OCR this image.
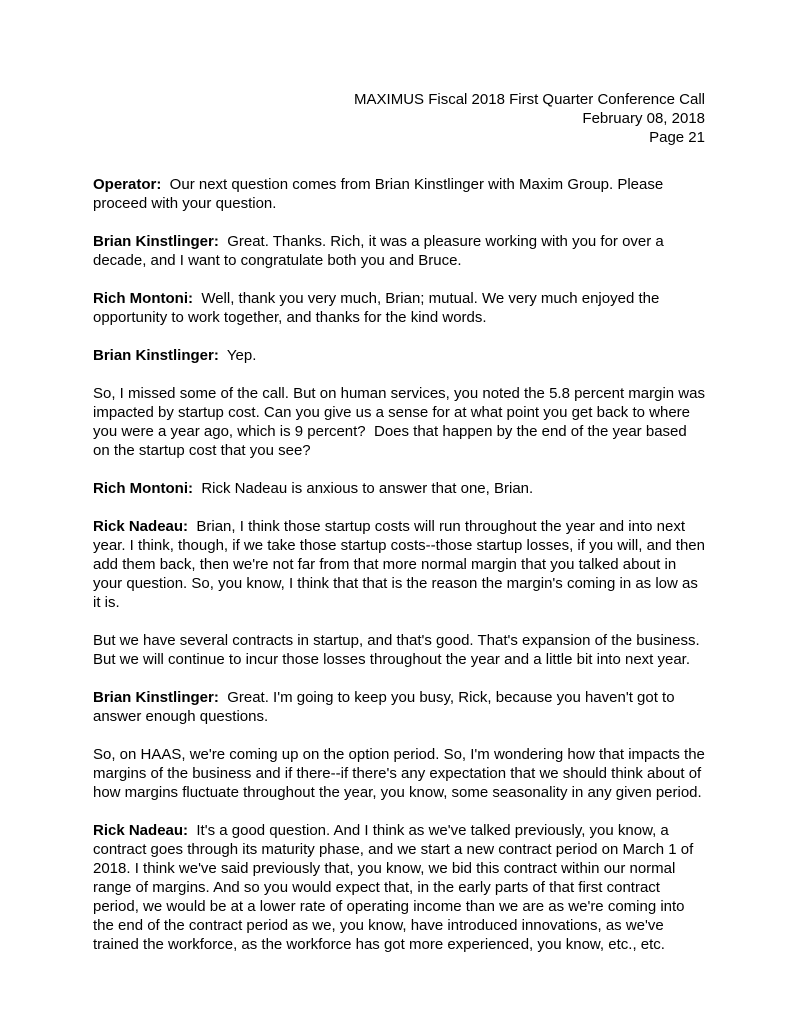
MAXIMUS Fiscal 2018 First Quarter Conference Call
February 08, 2018
Page 21

Operator:  Our next question comes from Brian Kinstlinger with Maxim Group. Please proceed with your question.

Brian Kinstlinger:  Great. Thanks. Rich, it was a pleasure working with you for over a decade, and I want to congratulate both you and Bruce.

Rich Montoni:  Well, thank you very much, Brian; mutual. We very much enjoyed the opportunity to work together, and thanks for the kind words.

Brian Kinstlinger:  Yep.

So, I missed some of the call. But on human services, you noted the 5.8 percent margin was impacted by startup cost. Can you give us a sense for at what point you get back to where you were a year ago, which is 9 percent?  Does that happen by the end of the year based on the startup cost that you see?

Rich Montoni:  Rick Nadeau is anxious to answer that one, Brian.

Rick Nadeau:  Brian, I think those startup costs will run throughout the year and into next year. I think, though, if we take those startup costs--those startup losses, if you will, and then add them back, then we're not far from that more normal margin that you talked about in your question. So, you know, I think that that is the reason the margin's coming in as low as it is.

But we have several contracts in startup, and that's good. That's expansion of the business. But we will continue to incur those losses throughout the year and a little bit into next year.

Brian Kinstlinger:  Great. I'm going to keep you busy, Rick, because you haven't got to answer enough questions.

So, on HAAS, we're coming up on the option period. So, I'm wondering how that impacts the margins of the business and if there--if there's any expectation that we should think about of how margins fluctuate throughout the year, you know, some seasonality in any given period.

Rick Nadeau:  It's a good question. And I think as we've talked previously, you know, a contract goes through its maturity phase, and we start a new contract period on March 1 of 2018. I think we've said previously that, you know, we bid this contract within our normal range of margins. And so you would expect that, in the early parts of that first contract period, we would be at a lower rate of operating income than we are as we're coming into the end of the contract period as we, you know, have introduced innovations, as we've trained the workforce, as the workforce has got more experienced, you know, etc., etc.
